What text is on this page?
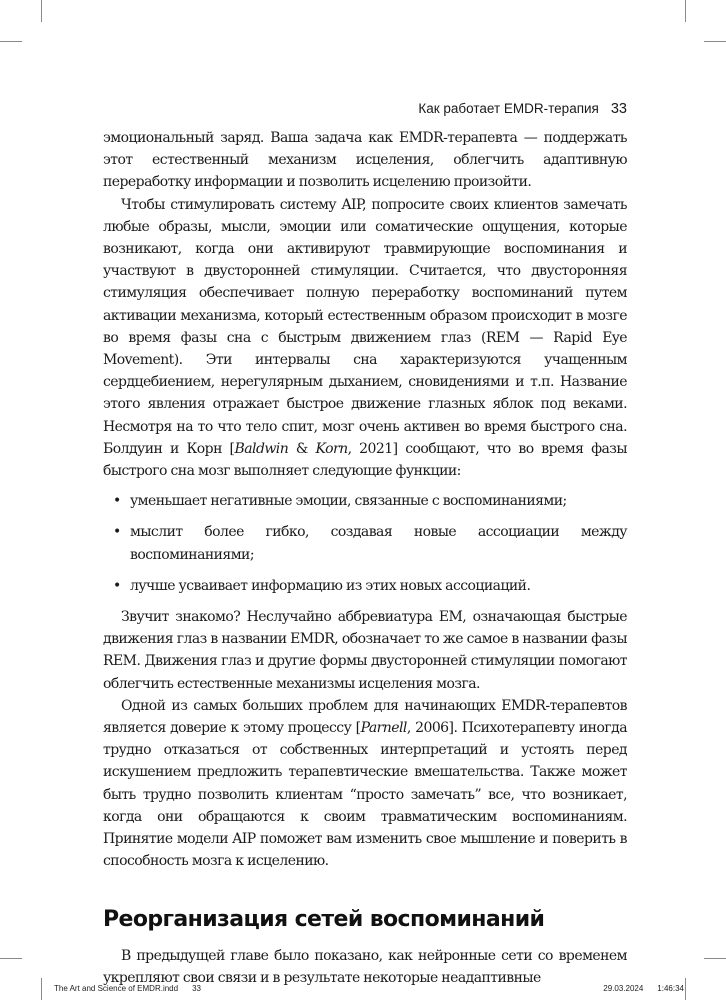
Как работает EMDR-терапия 33

эмоциональный заряд. Ваша задача как EMDR-терапевта — поддержать этот естественный механизм исцеления, облегчить адаптивную переработку информации и позволить исцелению произойти.

Чтобы стимулировать систему AIP, попросите своих клиентов замечать любые образы, мысли, эмоции или соматические ощущения, которые возникают, когда они активируют травмирующие воспоминания и участвуют в двусторонней стимуляции. Считается, что двусторонняя стимуляция обеспечивает полную переработку воспоминаний путем активации механизма, который естественным образом происходит в мозге во время фазы сна с быстрым движением глаз (REM — Rapid Eye Movement). Эти интервалы сна характеризуются учащенным сердцебиением, нерегулярным дыханием, сновидениями и т.п. Название этого явления отражает быстрое движение глазных яблок под веками. Несмотря на то что тело спит, мозг очень активен во время быстрого сна. Болдуин и Корн [Baldwin & Korn, 2021] сообщают, что во время фазы быстрого сна мозг выполняет следующие функции:

• уменьшает негативные эмоции, связанные с воспоминаниями;
• мыслит более гибко, создавая новые ассоциации между воспоминаниями;
• лучше усваивает информацию из этих новых ассоциаций.

Звучит знакомо? Неслучайно аббревиатура EM, означающая быстрые движения глаз в названии EMDR, обозначает то же самое в названии фазы REM. Движения глаз и другие формы двусторонней стимуляции помогают облегчить естественные механизмы исцеления мозга.

Одной из самых больших проблем для начинающих EMDR-терапевтов является доверие к этому процессу [Parnell, 2006]. Психотерапевту иногда трудно отказаться от собственных интерпретаций и устоять перед искушением предложить терапевтические вмешательства. Также может быть трудно позволить клиентам “просто замечать” все, что возникает, когда они обращаются к своим травматическим воспоминаниям. Принятие модели AIP поможет вам изменить свое мышление и поверить в способность мозга к исцелению.

Реорганизация сетей воспоминаний

В предыдущей главе было показано, как нейронные сети со временем укрепляют свои связи и в результате некоторые неадаптивные

The Art and Science of EMDR.indd 33	29.03.2024 1:46:34
